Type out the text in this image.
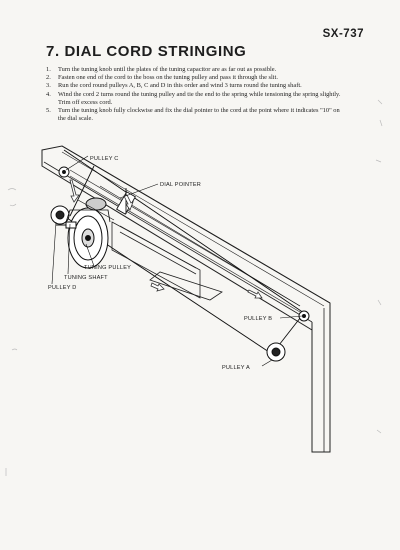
SX-737
7. DIAL CORD STRINGING
1. Turn the tuning knob until the plates of the tuning capacitor are as far out as possible.
2. Fasten one end of the cord to the boss on the tuning pulley and pass it through the slit.
3. Run the cord round pulleys A, B, C and D in this order and wind 3 turns round the tuning shaft.
4. Wind the cord 2 turns round the tuning pulley and tie the end to the spring while tensioning the spring slightly. Trim off excess cord.
5. Turn the tuning knob fully clockwise and fix the dial pointer to the cord at the point where it indicates "10" on the dial scale.
PULLEY C
DIAL POINTER
TUNING PULLEY
TUNING SHAFT
PULLEY D
PULLEY B
PULLEY A
